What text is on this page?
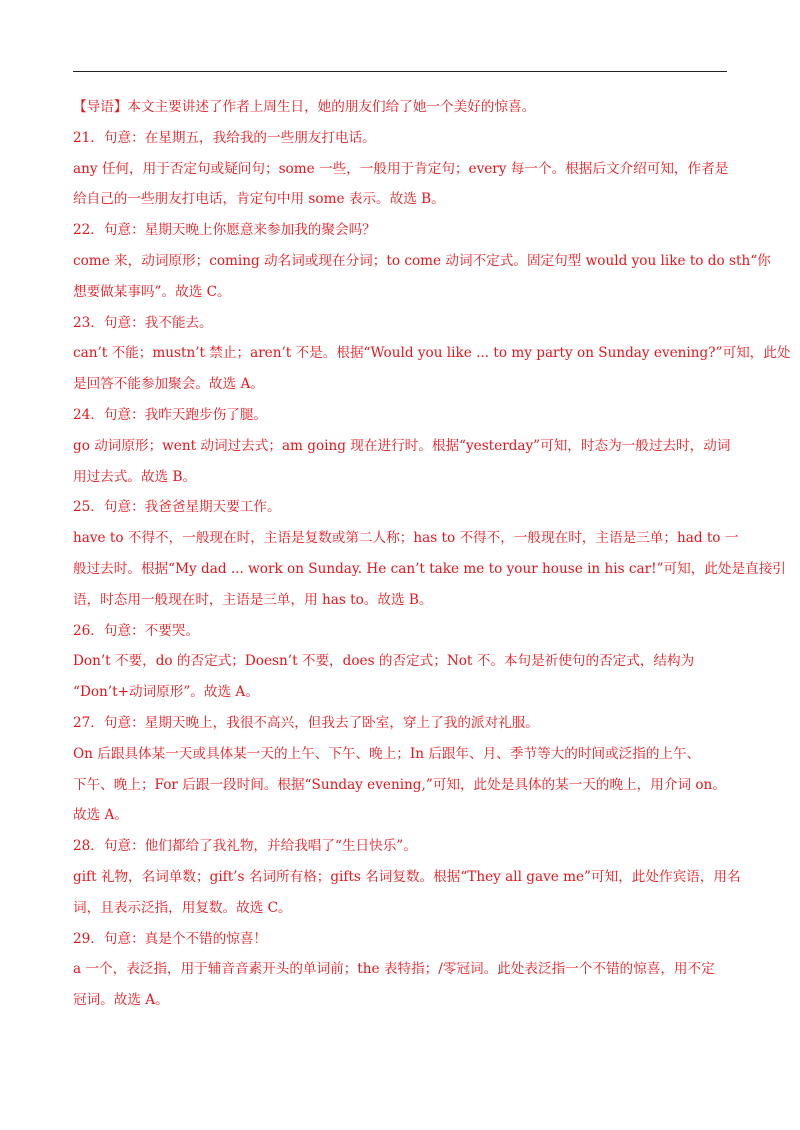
【导语】本文主要讲述了作者上周生日，她的朋友们给了她一个美好的惊喜。
21．句意：在星期五，我给我的一些朋友打电话。
any 任何，用于否定句或疑问句；some 一些，一般用于肯定句；every 每一个。根据后文介绍可知，作者是
给自己的一些朋友打电话，肯定句中用 some 表示。故选 B。
22．句意：星期天晚上你愿意来参加我的聚会吗？
come 来，动词原形；coming 动名词或现在分词；to come 动词不定式。固定句型 would you like to do sth“你
想要做某事吗”。故选 C。
23．句意：我不能去。
can’t 不能；mustn’t 禁止；aren’t 不是。根据“Would you like ... to my party on Sunday evening?”可知，此处
是回答不能参加聚会。故选 A。
24．句意：我昨天跑步伤了腿。
go 动词原形；went 动词过去式；am going 现在进行时。根据“yesterday”可知，时态为一般过去时，动词
用过去式。故选 B。
25．句意：我爸爸星期天要工作。
have to 不得不，一般现在时，主语是复数或第二人称；has to 不得不，一般现在时，主语是三单；had to 一
般过去时。根据“My dad ... work on Sunday. He can’t take me to your house in his car!”可知，此处是直接引
语，时态用一般现在时，主语是三单，用 has to。故选 B。
26．句意：不要哭。
Don’t 不要，do 的否定式；Doesn’t 不要，does 的否定式；Not 不。本句是祈使句的否定式，结构为
“Don’t+动词原形”。故选 A。
27．句意：星期天晚上，我很不高兴，但我去了卧室，穿上了我的派对礼服。
On 后跟具体某一天或具体某一天的上午、下午、晚上；In 后跟年、月、季节等大的时间或泛指的上午、
下午、晚上；For 后跟一段时间。根据“Sunday evening,”可知，此处是具体的某一天的晚上，用介词 on。
故选 A。
28．句意：他们都给了我礼物，并给我唱了“生日快乐”。
gift 礼物，名词单数；gift’s 名词所有格；gifts 名词复数。根据“They all gave me”可知，此处作宾语，用名
词，且表示泛指，用复数。故选 C。
29．句意：真是个不错的惊喜！
a 一个，表泛指，用于辅音音素开头的单词前；the 表特指；/零冠词。此处表泛指一个不错的惊喜，用不定
冠词。故选 A。
